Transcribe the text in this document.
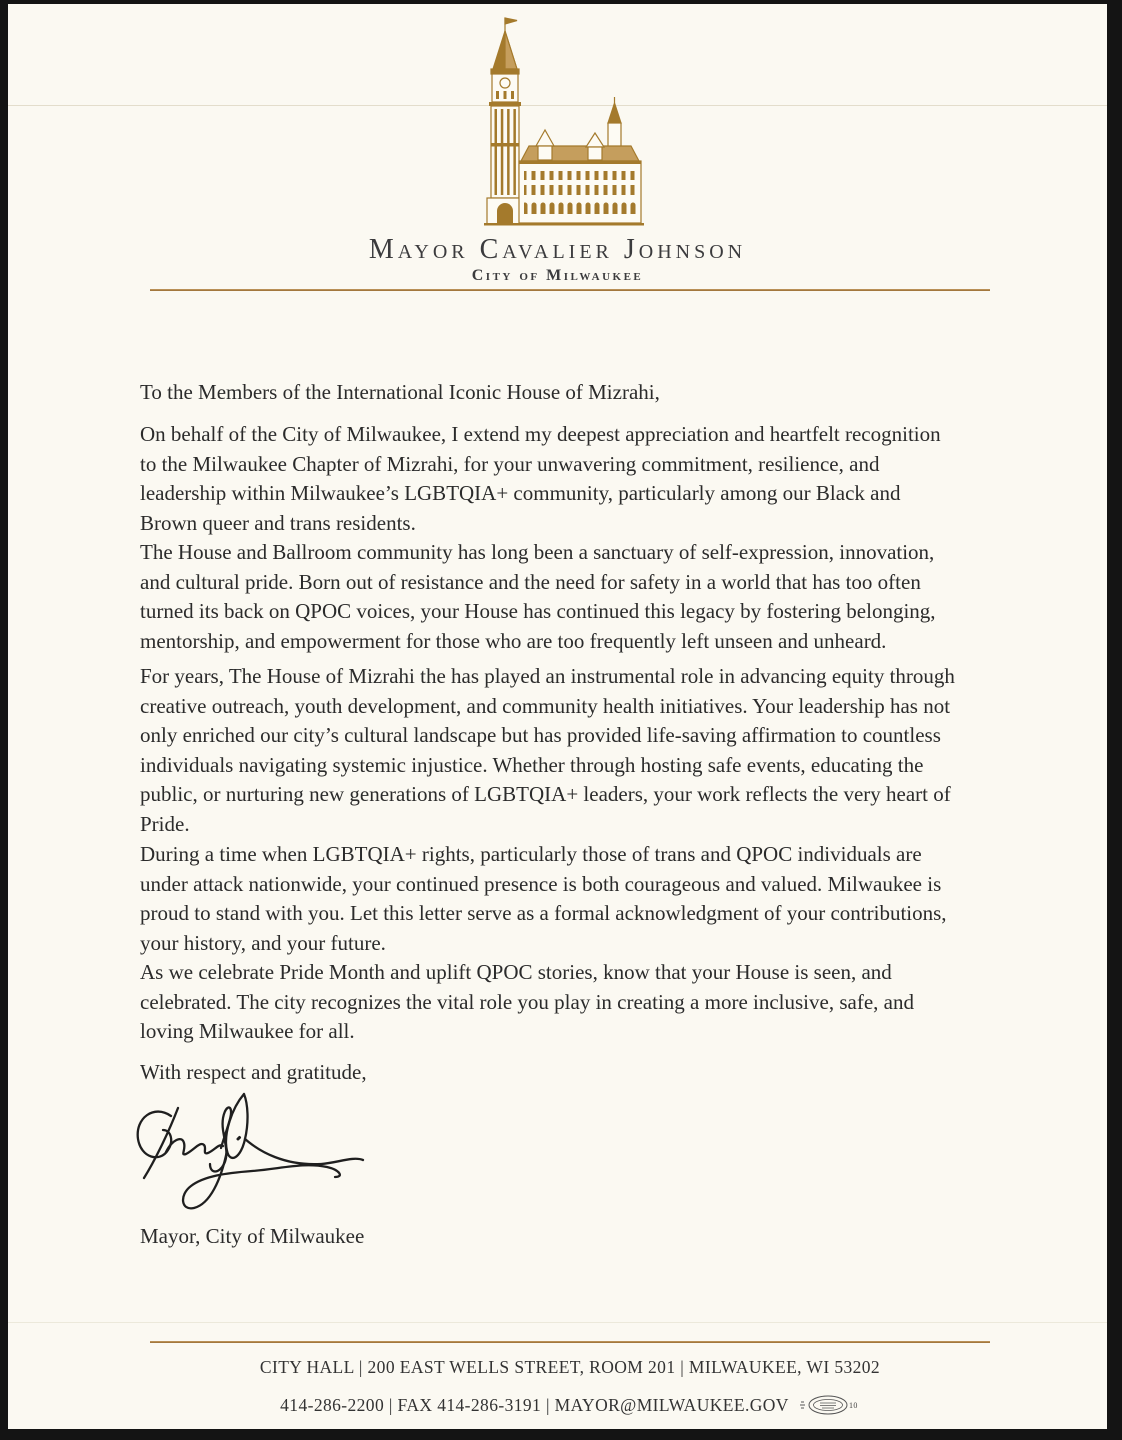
Mayor Cavalier Johnson
City of Milwaukee
To the Members of the International Iconic House of Mizrahi,
On behalf of the City of Milwaukee, I extend my deepest appreciation and heartfelt recognition
to the Milwaukee Chapter of Mizrahi, for your unwavering commitment, resilience, and
leadership within Milwaukee’s LGBTQIA+ community, particularly among our Black and
Brown queer and trans residents.
The House and Ballroom community has long been a sanctuary of self-expression, innovation,
and cultural pride. Born out of resistance and the need for safety in a world that has too often
turned its back on QPOC voices, your House has continued this legacy by fostering belonging,
mentorship, and empowerment for those who are too frequently left unseen and unheard.
For years, The House of Mizrahi the has played an instrumental role in advancing equity through
creative outreach, youth development, and community health initiatives. Your leadership has not
only enriched our city’s cultural landscape but has provided life-saving affirmation to countless
individuals navigating systemic injustice. Whether through hosting safe events, educating the
public, or nurturing new generations of LGBTQIA+ leaders, your work reflects the very heart of
Pride.
During a time when LGBTQIA+ rights, particularly those of trans and QPOC individuals are
under attack nationwide, your continued presence is both courageous and valued. Milwaukee is
proud to stand with you. Let this letter serve as a formal acknowledgment of your contributions,
your history, and your future.
As we celebrate Pride Month and uplift QPOC stories, know that your House is seen, and
celebrated. The city recognizes the vital role you play in creating a more inclusive, safe, and
loving Milwaukee for all.
With respect and gratitude,
Mayor, City of Milwaukee
CITY HALL | 200 EAST WELLS STREET, ROOM 201 | MILWAUKEE, WI 53202
414-286-2200 | FAX 414-286-3191 | MAYOR@MILWAUKEE.GOV	10
